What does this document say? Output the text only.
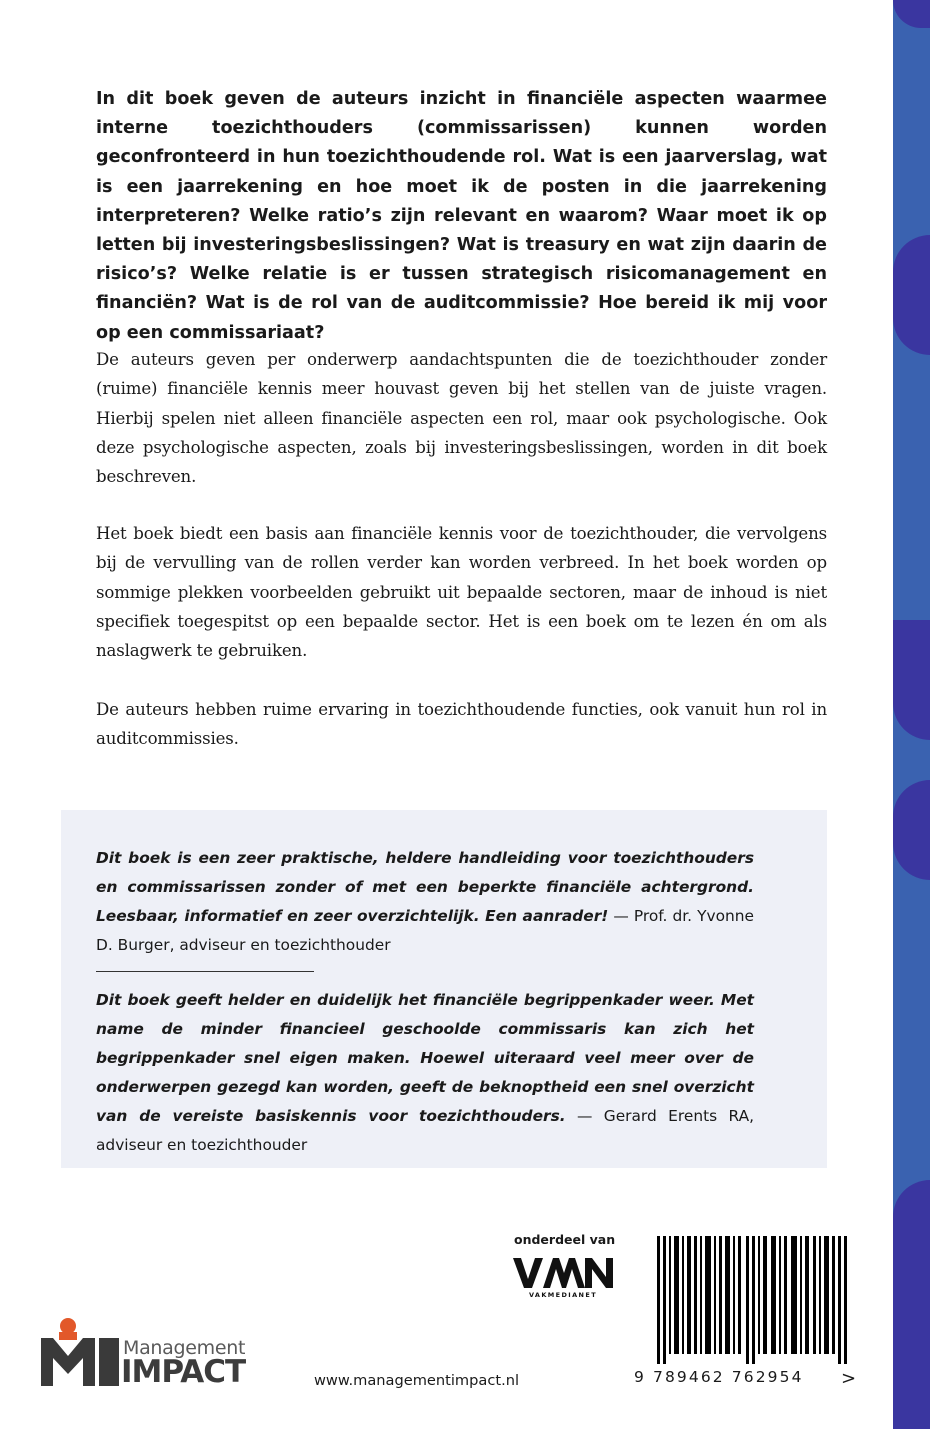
In dit boek geven de auteurs inzicht in financiële aspecten waarmee interne toezichthouders (commissarissen) kunnen worden geconfronteerd in hun toezichthoudende rol. Wat is een jaarverslag, wat is een jaarrekening en hoe moet ik de posten in die jaarrekening interpreteren? Welke ratio’s zijn relevant en waarom? Waar moet ik op letten bij investeringsbeslissingen? Wat is treasury en wat zijn daarin de risico’s? Welke relatie is er tussen strategisch risicomanagement en financiën? Wat is de rol van de auditcommissie? Hoe bereid ik mij voor op een commissariaat?

De auteurs geven per onderwerp aandachtspunten die de toezichthouder zonder (ruime) financiële kennis meer houvast geven bij het stellen van de juiste vragen. Hierbij spelen niet alleen financiële aspecten een rol, maar ook psychologische. Ook deze psychologische aspecten, zoals bij investeringsbeslissingen, worden in dit boek beschreven.

Het boek biedt een basis aan financiële kennis voor de toezichthouder, die vervolgens bij de vervulling van de rollen verder kan worden verbreed. In het boek worden op sommige plekken voorbeelden gebruikt uit bepaalde sectoren, maar de inhoud is niet specifiek toegespitst op een bepaalde sector. Het is een boek om te lezen én om als naslagwerk te gebruiken.

De auteurs hebben ruime ervaring in toezichthoudende functies, ook vanuit hun rol in auditcommissies.

Dit boek is een zeer praktische, heldere handleiding voor toezichthouders en commissarissen zonder of met een beperkte financiële achtergrond. Leesbaar, informatief en zeer overzichtelijk. Een aanrader! — Prof. dr. Yvonne D. Burger, adviseur en toezichthouder

Dit boek geeft helder en duidelijk het financiële begrippenkader weer. Met name de minder financieel geschoolde commissaris kan zich het begrippenkader snel eigen maken. Hoewel uiteraard veel meer over de onderwerpen gezegd kan worden, geeft de beknoptheid een snel overzicht van de vereiste basiskennis voor toezichthouders. — Gerard Erents RA, adviseur en toezichthouder

onderdeel van
VAKMEDIANET
Management
IMPACT	www.managementimpact.nl	9 789462 762954 >
